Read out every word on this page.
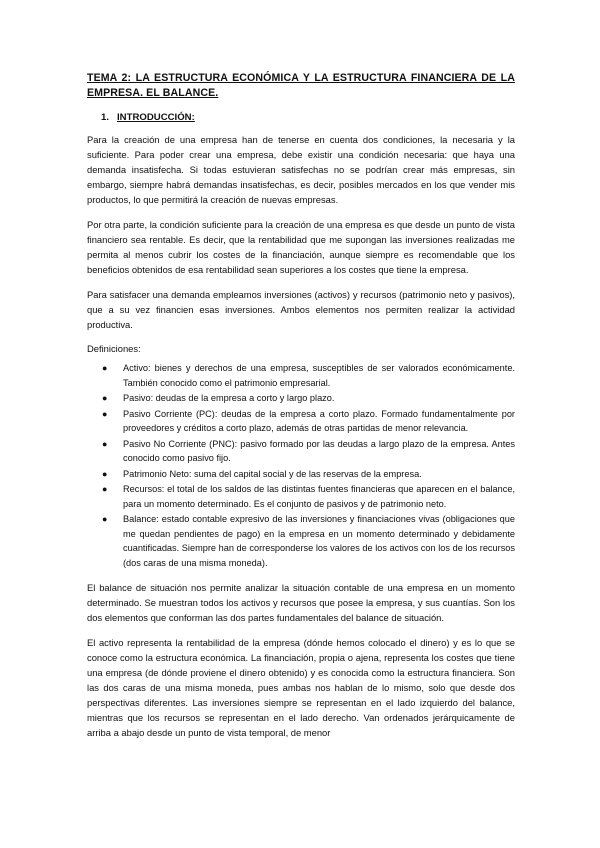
TEMA 2: LA ESTRUCTURA ECONÓMICA Y LA ESTRUCTURA FINANCIERA DE LA EMPRESA. EL BALANCE.
1. INTRODUCCIÓN:

Para la creación de una empresa han de tenerse en cuenta dos condiciones, la necesaria y la suficiente. Para poder crear una empresa, debe existir una condición necesaria: que haya una demanda insatisfecha. Si todas estuvieran satisfechas no se podrían crear más empresas, sin embargo, siempre habrá demandas insatisfechas, es decir, posibles mercados en los que vender mis productos, lo que permitirá la creación de nuevas empresas.

Por otra parte, la condición suficiente para la creación de una empresa es que desde un punto de vista financiero sea rentable. Es decir, que la rentabilidad que me supongan las inversiones realizadas me permita al menos cubrir los costes de la financiación, aunque siempre es recomendable que los beneficios obtenidos de esa rentabilidad sean superiores a los costes que tiene la empresa.

Para satisfacer una demanda empleamos inversiones (activos) y recursos (patrimonio neto y pasivos), que a su vez financien esas inversiones. Ambos elementos nos permiten realizar la actividad productiva.

Definiciones:

● Activo: bienes y derechos de una empresa, susceptibles de ser valorados económicamente. También conocido como el patrimonio empresarial.
● Pasivo: deudas de la empresa a corto y largo plazo.
● Pasivo Corriente (PC): deudas de la empresa a corto plazo. Formado fundamentalmente por proveedores y créditos a corto plazo, además de otras partidas de menor relevancia.
● Pasivo No Corriente (PNC): pasivo formado por las deudas a largo plazo de la empresa. Antes conocido como pasivo fijo.
● Patrimonio Neto: suma del capital social y de las reservas de la empresa.
● Recursos: el total de los saldos de las distintas fuentes financieras que aparecen en el balance, para un momento determinado. Es el conjunto de pasivos y de patrimonio neto.
● Balance: estado contable expresivo de las inversiones y financiaciones vivas (obligaciones que me quedan pendientes de pago) en la empresa en un momento determinado y debidamente cuantificadas. Siempre han de corresponderse los valores de los activos con los de los recursos (dos caras de una misma moneda).

El balance de situación nos permite analizar la situación contable de una empresa en un momento determinado. Se muestran todos los activos y recursos que posee la empresa, y sus cuantías. Son los dos elementos que conforman las dos partes fundamentales del balance de situación.

El activo representa la rentabilidad de la empresa (dónde hemos colocado el dinero) y es lo que se conoce como la estructura económica. La financiación, propia o ajena, representa los costes que tiene una empresa (de dónde proviene el dinero obtenido) y es conocida como la estructura financiera. Son las dos caras de una misma moneda, pues ambas nos hablan de lo mismo, solo que desde dos perspectivas diferentes. Las inversiones siempre se representan en el lado izquierdo del balance, mientras que los recursos se representan en el lado derecho. Van ordenados jerárquicamente de arriba a abajo desde un punto de vista temporal, de menor
